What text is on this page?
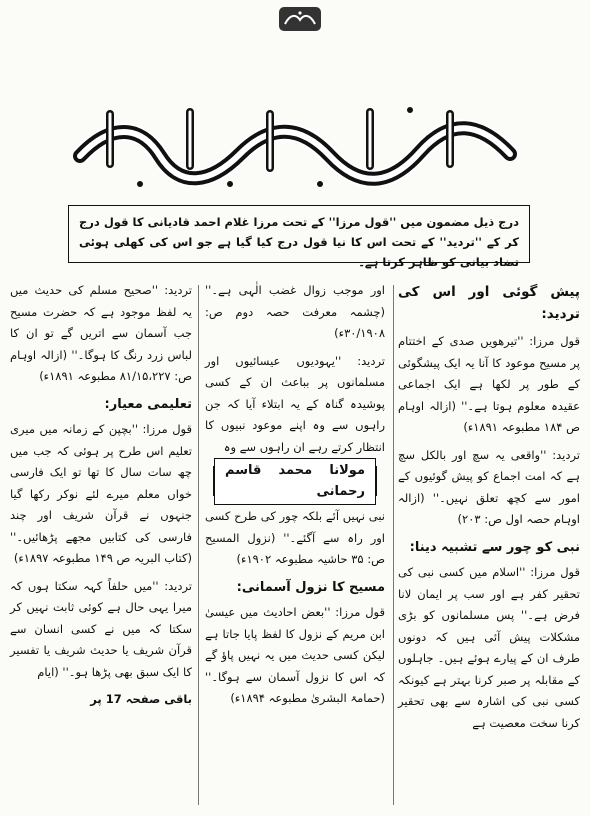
درج ذیل مضمون میں ''قول مرزا'' کے تحت مرزا غلام احمد قادیانی کا قول درج کر کے ''تردید'' کے تحت اس کا نیا قول درج کیا گیا ہے جو اس کی کھلی ہوئی تضاد بیانی کو ظاہر کرتا ہے۔
پیش گوئی اور اس کی تردید:

قول مرزا: ''تیرھویں صدی کے اختتام پر مسیح موعود کا آنا یہ ایک پیشگوئی کے طور پر لکھا ہے ایک اجماعی عقیدہ معلوم ہوتا ہے۔'' (ازالہ اوہام ص ۱۸۴ مطبوعہ ۱۸۹۱ء)

تردید: ''واقعی یہ سچ اور بالکل سچ ہے کہ امت اجماع کو پیش گوئیوں کے امور سے کچھ تعلق نہیں۔'' (ازالہ اوہام حصہ اول ص: ۲۰۳)

نبی کو چور سے تشبیہ دینا:

قول مرزا: ''اسلام میں کسی نبی کی تحقیر کفر ہے اور سب پر ایمان لانا فرض ہے۔'' پس مسلمانوں کو بڑی مشکلات پیش آئی ہیں کہ دونوں طرف ان کے پیارے ہوئے ہیں۔ جاہلوں کے مقابلہ پر صبر کرنا بہتر ہے کیونکہ کسی نبی کی اشارہ سے بھی تحقیر کرنا سخت معصیت ہے

اور موجب زوال غضب الٰہی ہے۔'' (چشمہ معرفت حصہ دوم ص: ۳۰/۱۹۰۸ء)

تردید: ''یہودیوں عیسائیوں اور مسلمانوں پر بباعث ان کے کسی پوشیدہ گناہ کے یہ ابتلاء آیا کہ جن راہوں سے وہ اپنے موعود نبیوں کا انتظار کرتے رہے ان راہوں سے وہ

مولانا محمد قاسم رحمانی

نبی نہیں آئے بلکہ چور کی طرح کسی اور راہ سے آگئے۔'' (نزول المسیح ص: ۳۵ حاشیہ مطبوعہ ۱۹۰۲ء)

مسیح کا نزول آسمانی:

قول مرزا: ''بعض احادیث میں عیسیٰ ابن مریم کے نزول کا لفظ پایا جاتا ہے لیکن کسی حدیث میں یہ نہیں پاؤ گے کہ اس کا نزول آسمان سے ہوگا۔'' (حمامۃ البشریٰ مطبوعہ ۱۸۹۴ء)

تردید: ''صحیح مسلم کی حدیث میں یہ لفظ موجود ہے کہ حضرت مسیح جب آسمان سے اتریں گے تو ان کا لباس زرد رنگ کا ہوگا۔'' (ازالہ اوہام ص: ۸۱/۱۵،۲۲۷ مطبوعہ ۱۸۹۱ء)

تعلیمی معیار:

قول مرزا: ''بچپن کے زمانہ میں میری تعلیم اس طرح پر ہوئی کہ جب میں چھ سات سال کا تھا تو ایک فارسی خواں معلم میرے لئے نوکر رکھا گیا جنہوں نے قرآن شریف اور چند فارسی کی کتابیں مجھے پڑھائیں۔'' (کتاب البریہ ص ۱۴۹ مطبوعہ ۱۸۹۷ء)

تردید: ''میں حلفاً کہہ سکتا ہوں کہ میرا یہی حال ہے کوئی ثابت نہیں کر سکتا کہ میں نے کسی انسان سے قرآن شریف یا حدیث شریف یا تفسیر کا ایک سبق بھی پڑھا ہو۔'' (ایام

باقی صفحہ 17 پر
